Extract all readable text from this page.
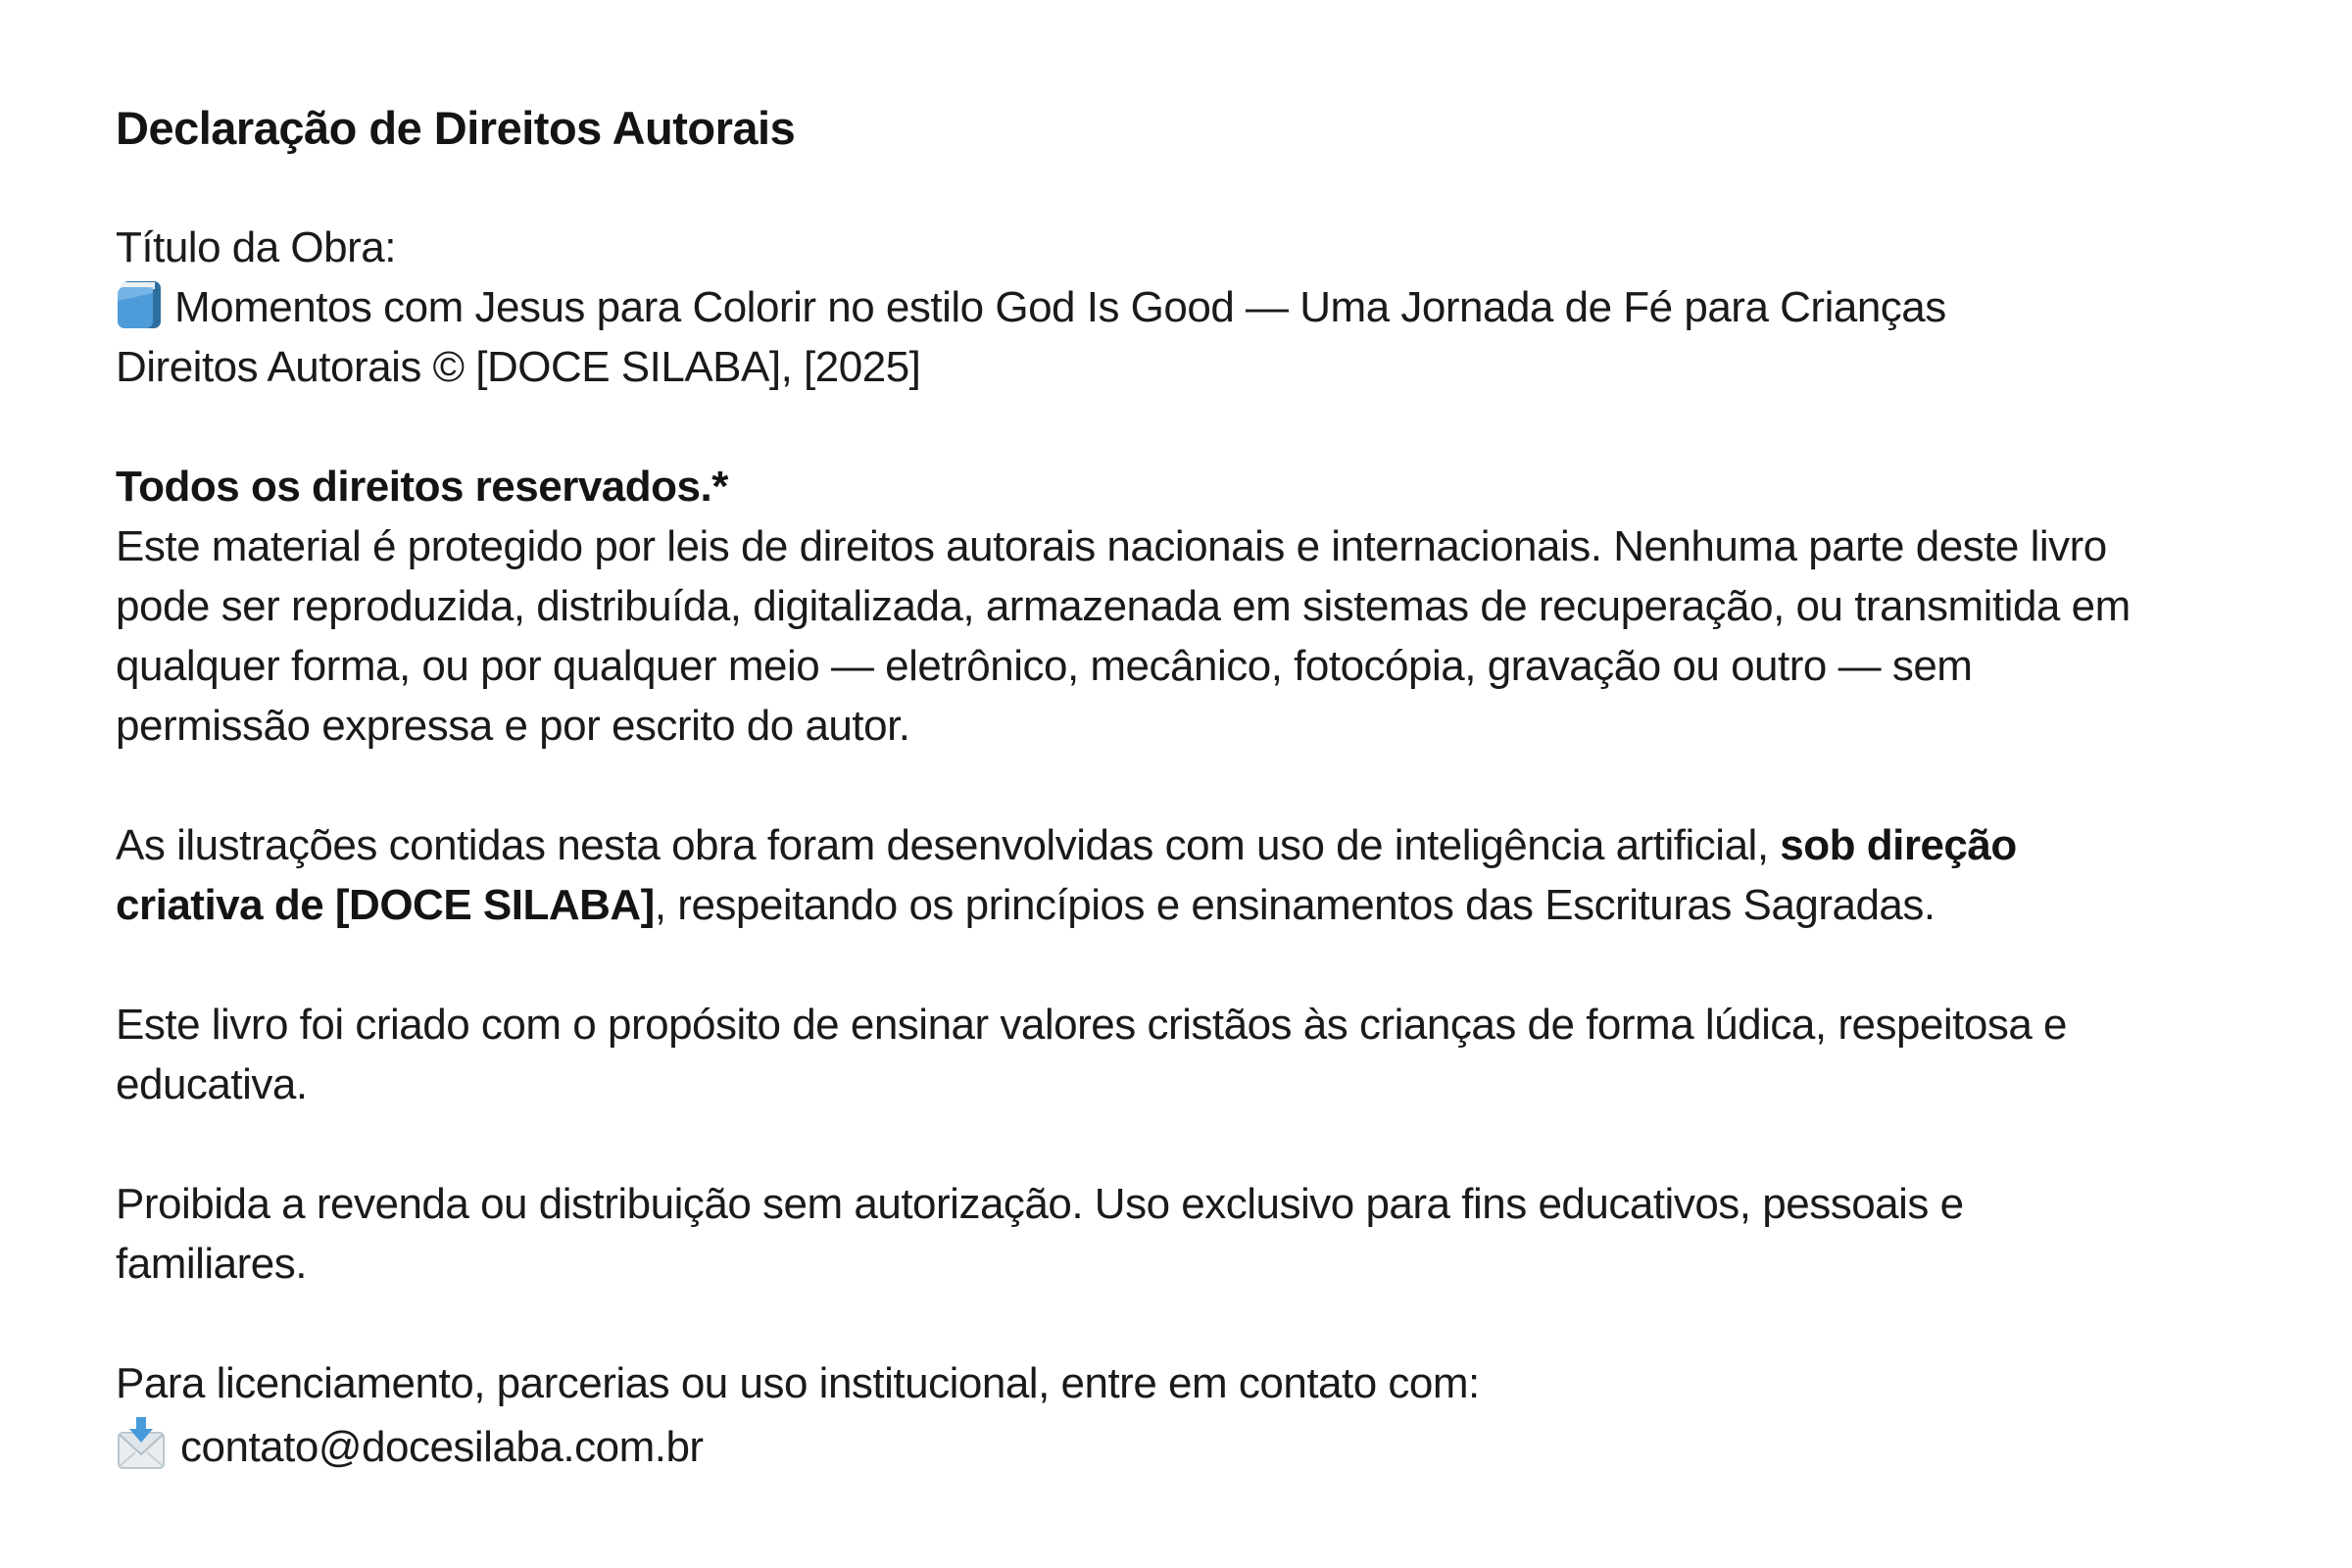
Declaração de Direitos Autorais
Título da Obra:
Momentos com Jesus para Colorir no estilo God Is Good — Uma Jornada de Fé para Crianças
Direitos Autorais © [DOCE SILABA], [2025]
Todos os direitos reservados.*
Este material é protegido por leis de direitos autorais nacionais e internacionais. Nenhuma parte deste livro
pode ser reproduzida, distribuída, digitalizada, armazenada em sistemas de recuperação, ou transmitida em
qualquer forma, ou por qualquer meio — eletrônico, mecânico, fotocópia, gravação ou outro — sem
permissão expressa e por escrito do autor.
As ilustrações contidas nesta obra foram desenvolvidas com uso de inteligência artificial, sob direção
criativa de [DOCE SILABA], respeitando os princípios e ensinamentos das Escrituras Sagradas.
Este livro foi criado com o propósito de ensinar valores cristãos às crianças de forma lúdica, respeitosa e
educativa.
Proibida a revenda ou distribuição sem autorização. Uso exclusivo para fins educativos, pessoais e
familiares.
Para licenciamento, parcerias ou uso institucional, entre em contato com:
contato@docesilaba.com.br
